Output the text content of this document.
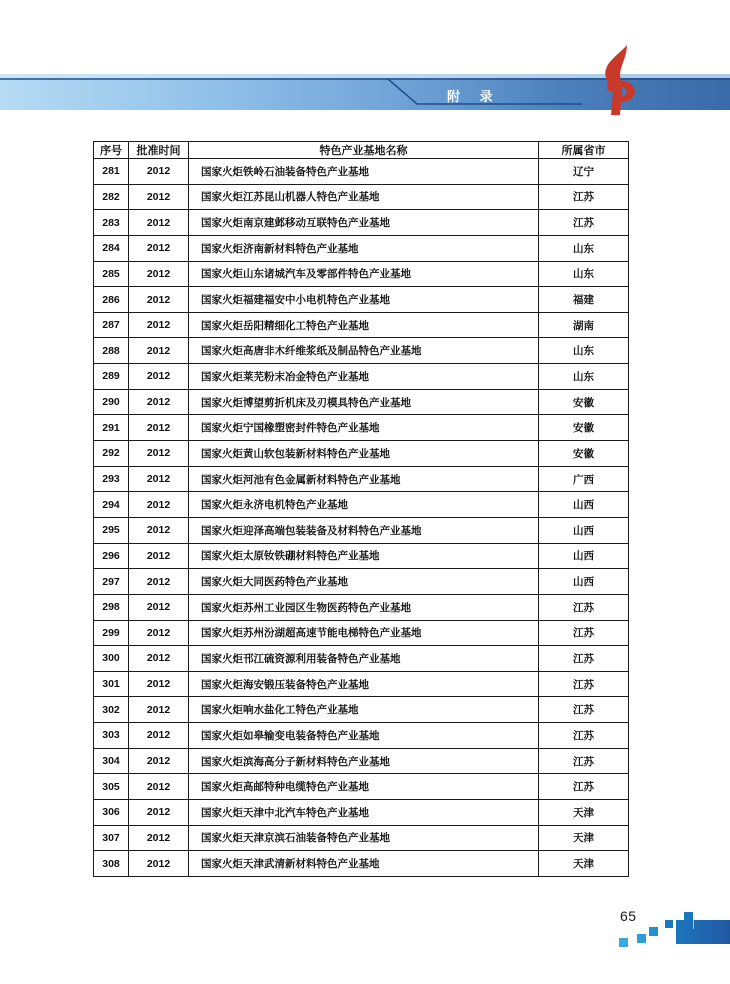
附 录
序号	批准时间	特色产业基地名称	所属省市
281	2012	国家火炬铁岭石油装备特色产业基地	辽宁
282	2012	国家火炬江苏昆山机器人特色产业基地	江苏
283	2012	国家火炬南京建邺移动互联特色产业基地	江苏
284	2012	国家火炬济南新材料特色产业基地	山东
285	2012	国家火炬山东诸城汽车及零部件特色产业基地	山东
286	2012	国家火炬福建福安中小电机特色产业基地	福建
287	2012	国家火炬岳阳精细化工特色产业基地	湖南
288	2012	国家火炬高唐非木纤维浆纸及制品特色产业基地	山东
289	2012	国家火炬莱芜粉末冶金特色产业基地	山东
290	2012	国家火炬博望剪折机床及刃模具特色产业基地	安徽
291	2012	国家火炬宁国橡塑密封件特色产业基地	安徽
292	2012	国家火炬黄山软包装新材料特色产业基地	安徽
293	2012	国家火炬河池有色金属新材料特色产业基地	广西
294	2012	国家火炬永济电机特色产业基地	山西
295	2012	国家火炬迎泽高端包装装备及材料特色产业基地	山西
296	2012	国家火炬太原钕铁硼材料特色产业基地	山西
297	2012	国家火炬大同医药特色产业基地	山西
298	2012	国家火炬苏州工业园区生物医药特色产业基地	江苏
299	2012	国家火炬苏州汾湖超高速节能电梯特色产业基地	江苏
300	2012	国家火炬邗江硫资源利用装备特色产业基地	江苏
301	2012	国家火炬海安锻压装备特色产业基地	江苏
302	2012	国家火炬响水盐化工特色产业基地	江苏
303	2012	国家火炬如皋输变电装备特色产业基地	江苏
304	2012	国家火炬滨海高分子新材料特色产业基地	江苏
305	2012	国家火炬高邮特种电缆特色产业基地	江苏
306	2012	国家火炬天津中北汽车特色产业基地	天津
307	2012	国家火炬天津京滨石油装备特色产业基地	天津
308	2012	国家火炬天津武清新材料特色产业基地	天津
65
